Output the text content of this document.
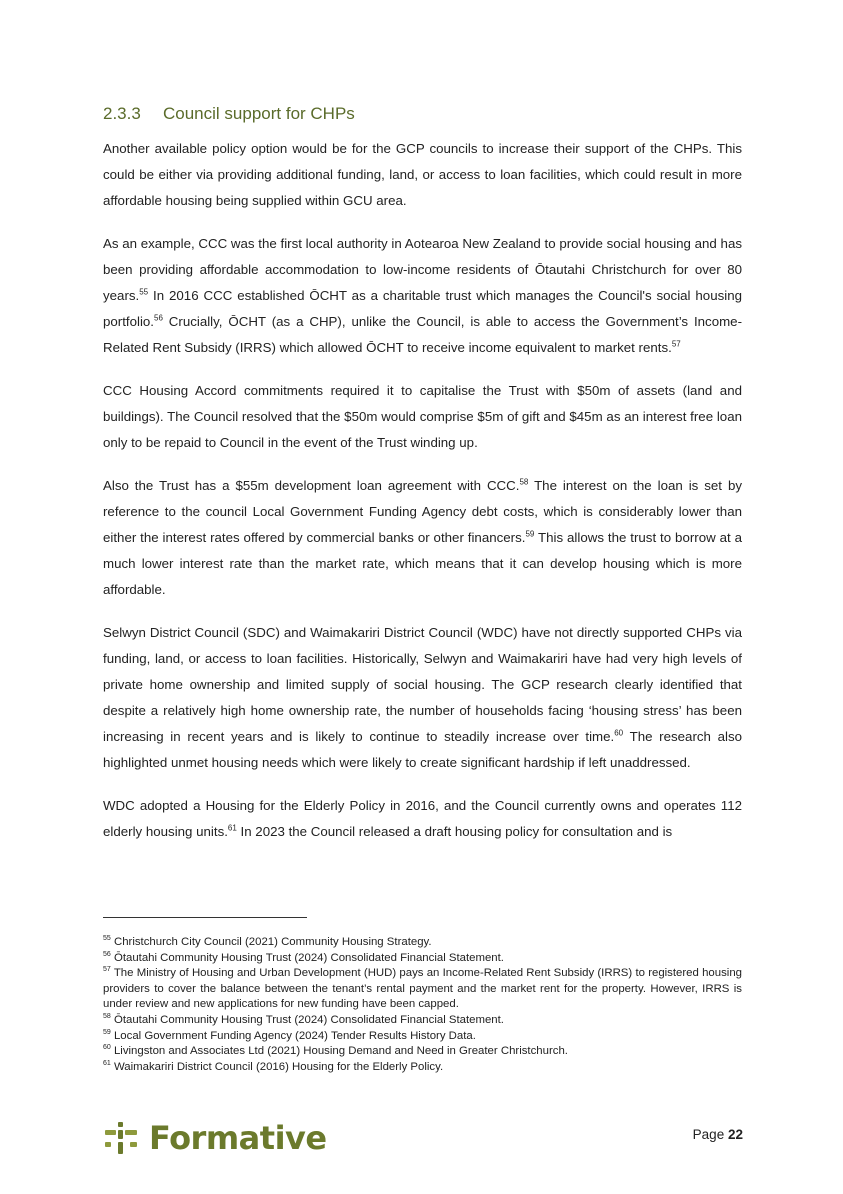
2.3.3 Council support for CHPs

Another available policy option would be for the GCP councils to increase their support of the CHPs. This could be either via providing additional funding, land, or access to loan facilities, which could result in more affordable housing being supplied within GCU area.

As an example, CCC was the first local authority in Aotearoa New Zealand to provide social housing and has been providing affordable accommodation to low-income residents of Ōtautahi Christchurch for over 80 years.$^{55}$ In 2016 CCC established ŌCHT as a charitable trust which manages the Council's social housing portfolio.$^{56}$ Crucially, ŌCHT (as a CHP), unlike the Council, is able to access the Government’s Income-Related Rent Subsidy (IRRS) which allowed ŌCHT to receive income equivalent to market rents.$^{57}$

CCC Housing Accord commitments required it to capitalise the Trust with $50m of assets (land and buildings). The Council resolved that the $50m would comprise $5m of gift and $45m as an interest free loan only to be repaid to Council in the event of the Trust winding up.

Also the Trust has a $55m development loan agreement with CCC.$^{58}$ The interest on the loan is set by reference to the council Local Government Funding Agency debt costs, which is considerably lower than either the interest rates offered by commercial banks or other financers.$^{59}$ This allows the trust to borrow at a much lower interest rate than the market rate, which means that it can develop housing which is more affordable.

Selwyn District Council (SDC) and Waimakariri District Council (WDC) have not directly supported CHPs via funding, land, or access to loan facilities. Historically, Selwyn and Waimakariri have had very high levels of private home ownership and limited supply of social housing. The GCP research clearly identified that despite a relatively high home ownership rate, the number of households facing ‘housing stress’ has been increasing in recent years and is likely to continue to steadily increase over time.$^{60}$ The research also highlighted unmet housing needs which were likely to create significant hardship if left unaddressed.

WDC adopted a Housing for the Elderly Policy in 2016, and the Council currently owns and operates 112 elderly housing units.$^{61}$ In 2023 the Council released a draft housing policy for consultation and is

$^{55}$ Christchurch City Council (2021) Community Housing Strategy.

$^{56}$ Ōtautahi Community Housing Trust (2024) Consolidated Financial Statement.

$^{57}$ The Ministry of Housing and Urban Development (HUD) pays an Income-Related Rent Subsidy (IRRS) to registered housing providers to cover the balance between the tenant’s rental payment and the market rent for the property. However, IRRS is under review and new applications for new funding have been capped.

$^{58}$ Ōtautahi Community Housing Trust (2024) Consolidated Financial Statement.

$^{59}$ Local Government Funding Agency (2024) Tender Results History Data.

$^{60}$ Livingston and Associates Ltd (2021) Housing Demand and Need in Greater Christchurch.

$^{61}$ Waimakariri District Council (2016) Housing for the Elderly Policy.

Formative	Page 22
